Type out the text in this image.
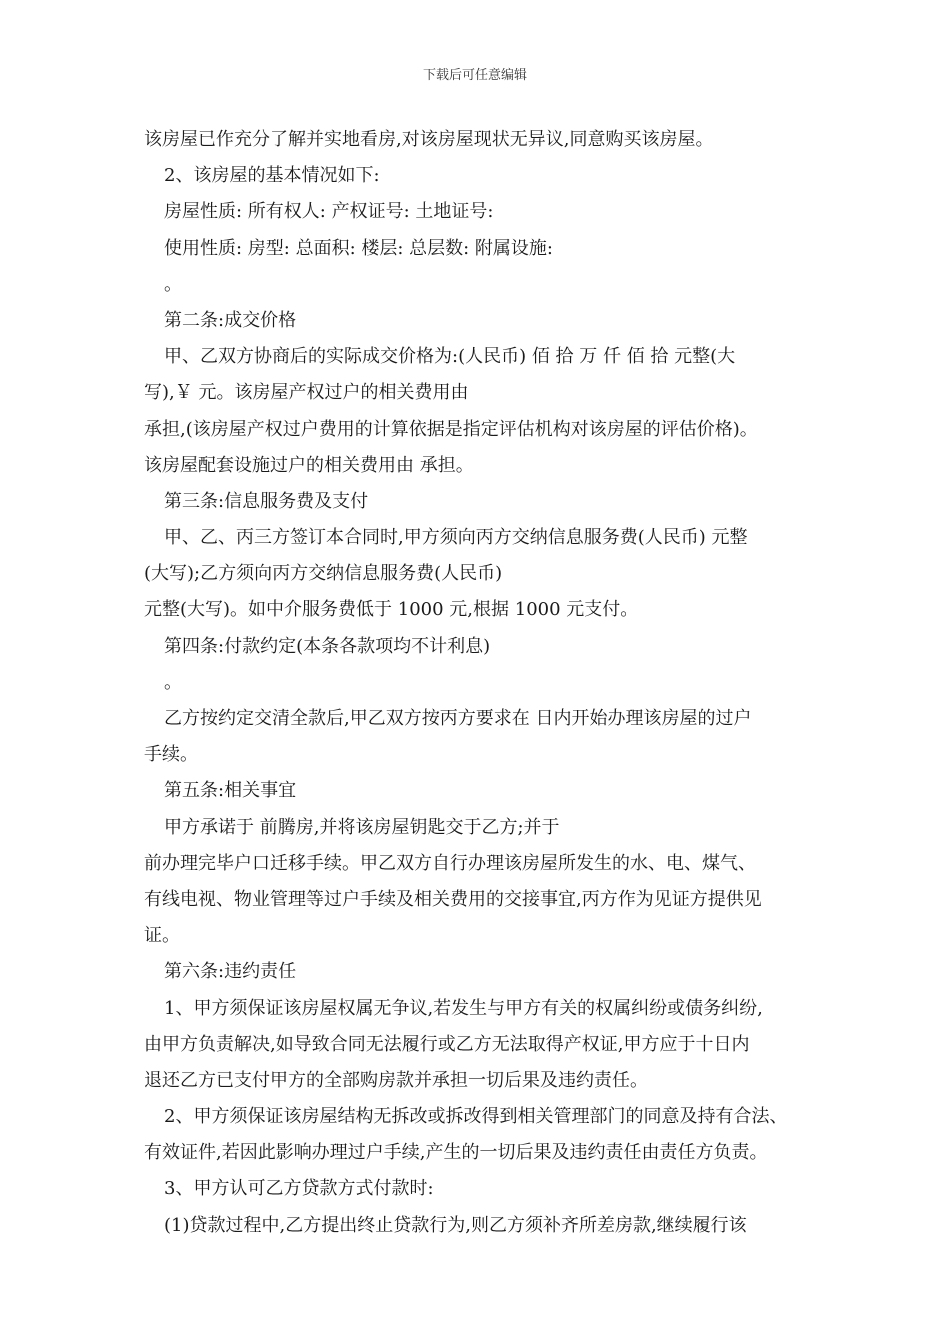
下载后可任意编辑
该房屋已作充分了解并实地看房,对该房屋现状无异议,同意购买该房屋。
2、该房屋的基本情况如下:
房屋性质: 所有权人: 产权证号: 土地证号:
使用性质: 房型: 总面积: 楼层: 总层数: 附属设施:
。
第二条:成交价格
甲、乙双方协商后的实际成交价格为:(人民币) 佰 拾 万 仟 佰 拾 元整(大
写),￥ 元。该房屋产权过户的相关费用由
承担,(该房屋产权过户费用的计算依据是指定评估机构对该房屋的评估价格)。
该房屋配套设施过户的相关费用由 承担。
第三条:信息服务费及支付
甲、乙、丙三方签订本合同时,甲方须向丙方交纳信息服务费(人民币) 元整
(大写);乙方须向丙方交纳信息服务费(人民币)
元整(大写)。如中介服务费低于 1000 元,根据 1000 元支付。
第四条:付款约定(本条各款项均不计利息)
。
乙方按约定交清全款后,甲乙双方按丙方要求在 日内开始办理该房屋的过户
手续。
第五条:相关事宜
甲方承诺于 前腾房,并将该房屋钥匙交于乙方;并于
前办理完毕户口迁移手续。甲乙双方自行办理该房屋所发生的水、电、煤气、
有线电视、物业管理等过户手续及相关费用的交接事宜,丙方作为见证方提供见
证。
第六条:违约责任
1、甲方须保证该房屋权属无争议,若发生与甲方有关的权属纠纷或债务纠纷,
由甲方负责解决,如导致合同无法履行或乙方无法取得产权证,甲方应于十日内
退还乙方已支付甲方的全部购房款并承担一切后果及违约责任。
2、甲方须保证该房屋结构无拆改或拆改得到相关管理部门的同意及持有合法、
有效证件,若因此影响办理过户手续,产生的一切后果及违约责任由责任方负责。
3、甲方认可乙方贷款方式付款时:
(1)贷款过程中,乙方提出终止贷款行为,则乙方须补齐所差房款,继续履行该
